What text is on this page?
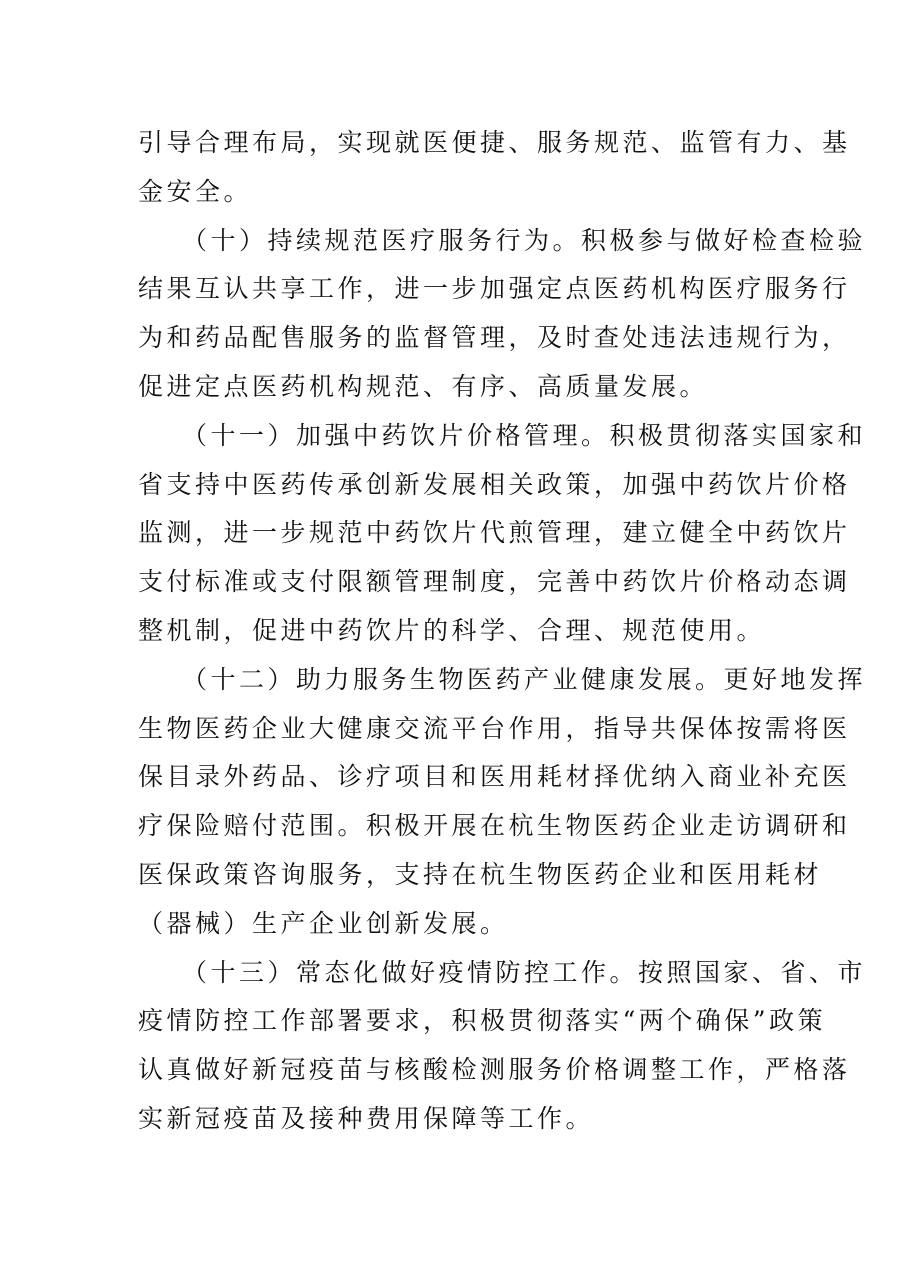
引导合理布局，实现就医便捷、服务规范、监管有力、基
金安全。

（十）持续规范医疗服务行为。积极参与做好检查检验
结果互认共享工作，进一步加强定点医药机构医疗服务行
为和药品配售服务的监督管理，及时查处违法违规行为，
促进定点医药机构规范、有序、高质量发展。

（十一）加强中药饮片价格管理。积极贯彻落实国家和
省支持中医药传承创新发展相关政策，加强中药饮片价格
监测，进一步规范中药饮片代煎管理，建立健全中药饮片
支付标准或支付限额管理制度，完善中药饮片价格动态调
整机制，促进中药饮片的科学、合理、规范使用。

（十二）助力服务生物医药产业健康发展。更好地发挥
生物医药企业大健康交流平台作用，指导共保体按需将医
保目录外药品、诊疗项目和医用耗材择优纳入商业补充医
疗保险赔付范围。积极开展在杭生物医药企业走访调研和
医保政策咨询服务，支持在杭生物医药企业和医用耗材
（器械）生产企业创新发展。

（十三）常态化做好疫情防控工作。按照国家、省、市
疫情防控工作部署要求，积极贯彻落实“两个确保”政策
认真做好新冠疫苗与核酸检测服务价格调整工作，严格落
实新冠疫苗及接种费用保障等工作。
